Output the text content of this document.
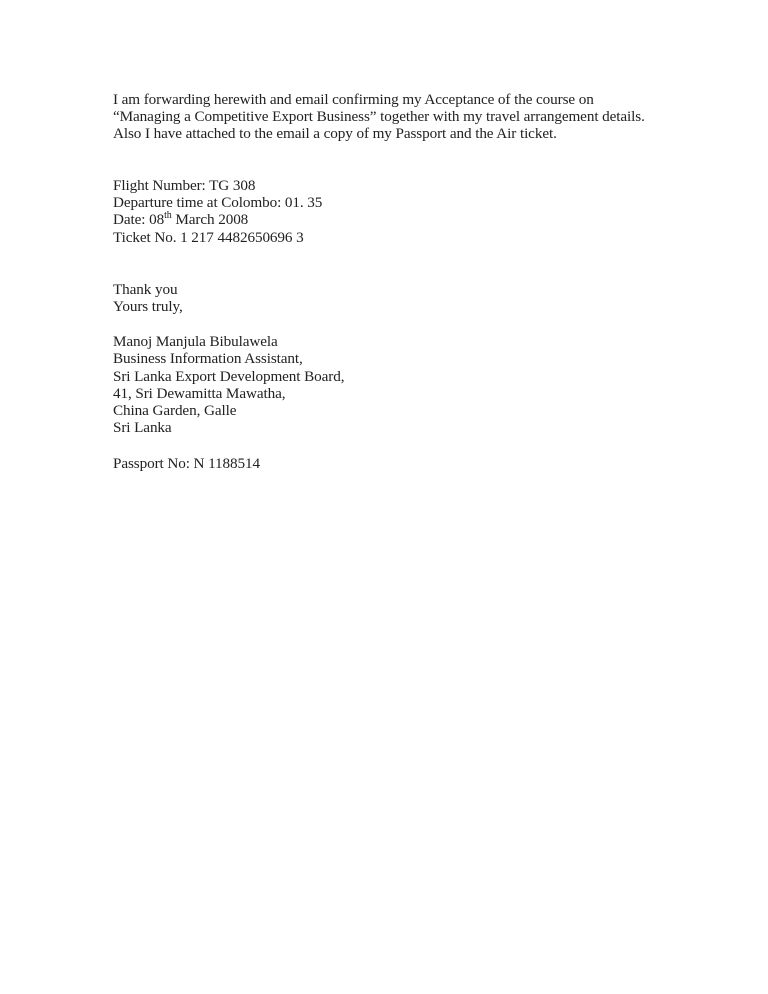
I am forwarding herewith and email confirming my Acceptance of the course on
“Managing a Competitive Export Business” together with my travel arrangement details.
Also I have attached to the email a copy of my Passport and the Air ticket.
Flight Number: TG 308
Departure time at Colombo: 01. 35
Date: 08th March 2008
Ticket No. 1 217 4482650696 3
Thank you
Yours truly,
Manoj Manjula Bibulawela
Business Information Assistant,
Sri Lanka Export Development Board,
41, Sri Dewamitta Mawatha,
China Garden, Galle
Sri Lanka
Passport No: N 1188514
